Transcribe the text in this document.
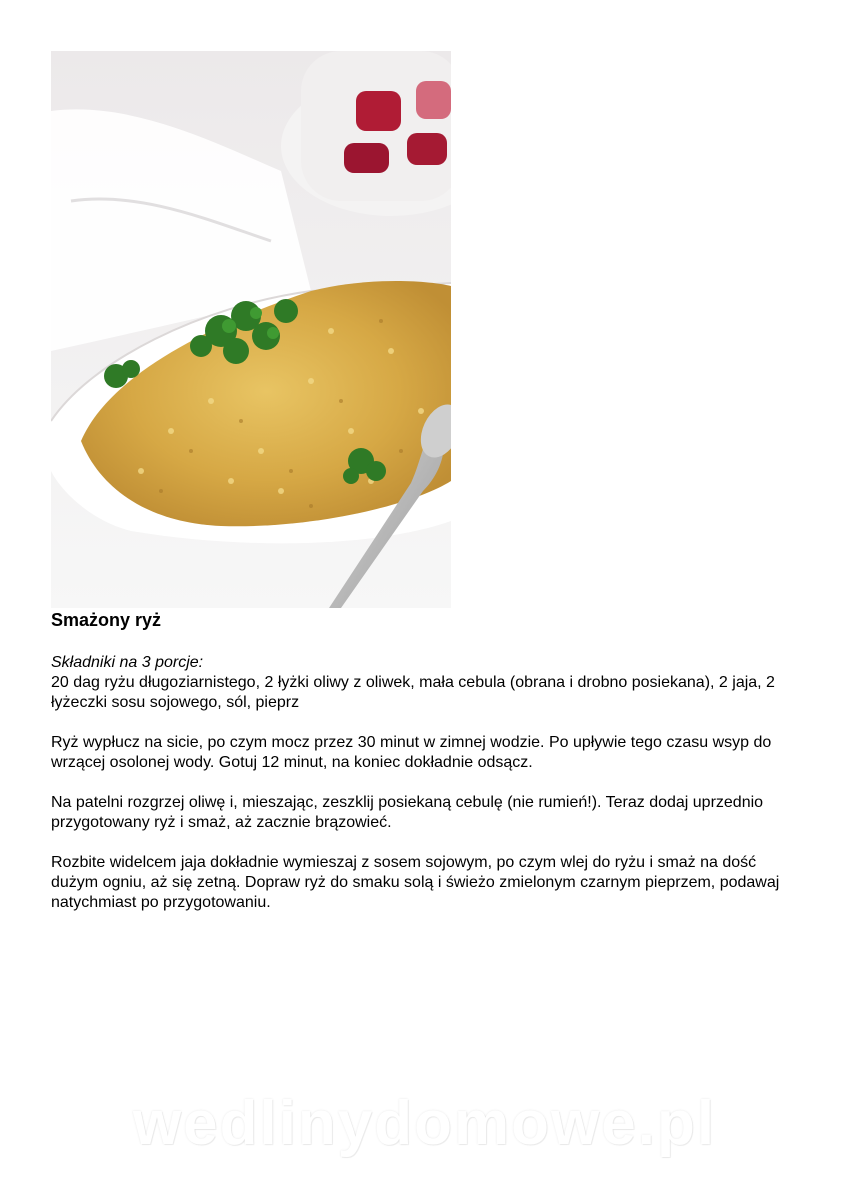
Smażony ryż

Składniki na 3 porcje:
20 dag ryżu długoziarnistego, 2 łyżki oliwy z oliwek, mała cebula (obrana i drobno posiekana), 2 jaja, 2 łyżeczki sosu sojowego, sól, pieprz

Ryż wypłucz na sicie, po czym mocz przez 30 minut w zimnej wodzie. Po upływie tego czasu wsyp do wrzącej osolonej wody. Gotuj 12 minut, na koniec dokładnie odsącz.

Na patelni rozgrzej oliwę i, mieszając, zeszklij posiekaną cebulę (nie rumień!). Teraz dodaj uprzednio przygotowany ryż i smaż, aż zacznie brązowieć.

Rozbite widelcem jaja dokładnie wymieszaj z sosem sojowym, po czym wlej do ryżu i smaż na dość dużym ogniu, aż się zetną. Dopraw ryż do smaku solą i świeżo zmielonym czarnym pieprzem, podawaj natychmiast po przygotowaniu.

wedlinydomowe.pl
